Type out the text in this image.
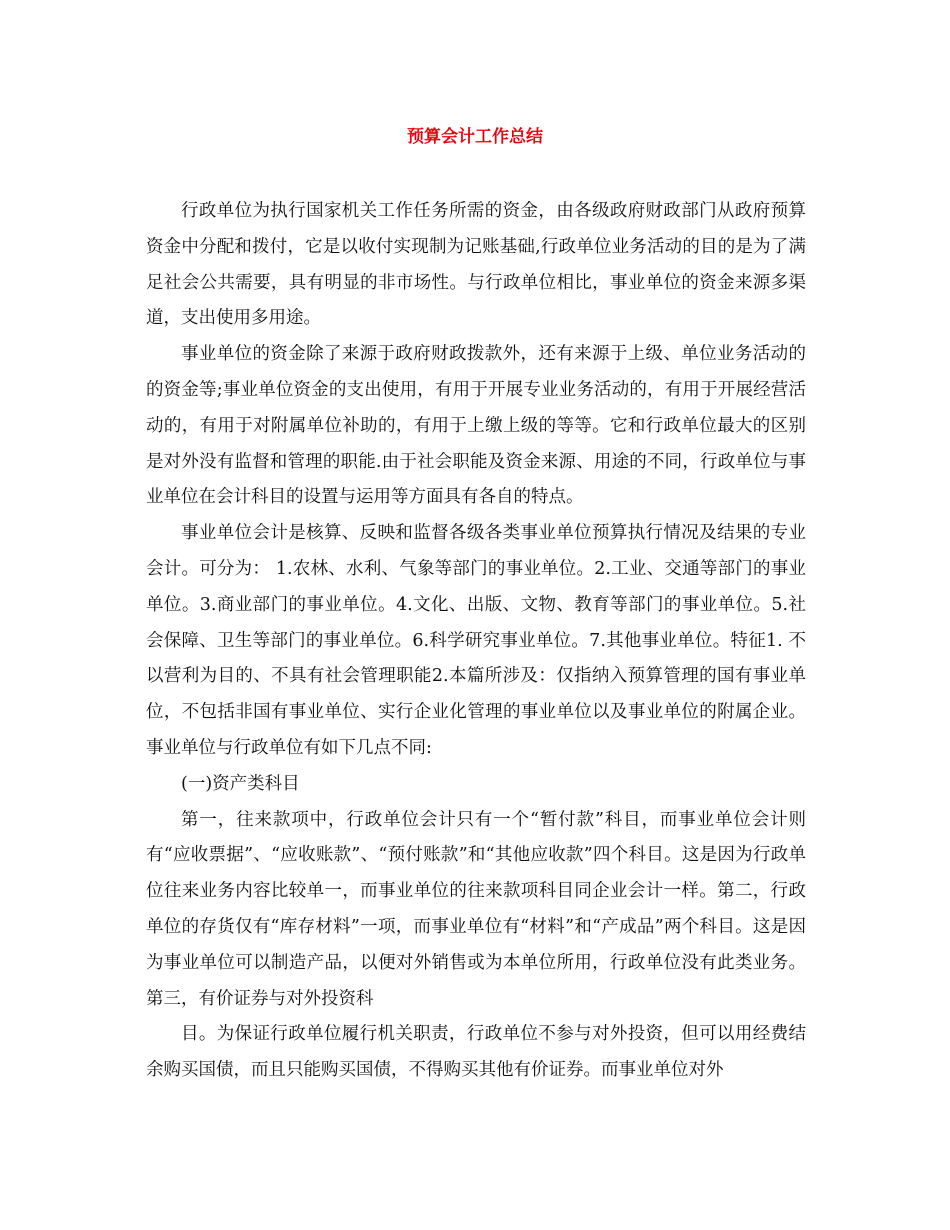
预算会计工作总结

行政单位为执行国家机关工作任务所需的资金，由各级政府财政部门从政府预算资金中分配和拨付，它是以收付实现制为记账基础,行政单位业务活动的目的是为了满足社会公共需要，具有明显的非市场性。与行政单位相比，事业单位的资金来源多渠道，支出使用多用途。

事业单位的资金除了来源于政府财政拨款外，还有来源于上级、单位业务活动的的资金等;事业单位资金的支出使用，有用于开展专业业务活动的，有用于开展经营活动的，有用于对附属单位补助的，有用于上缴上级的等等。它和行政单位最大的区别是对外没有监督和管理的职能.由于社会职能及资金来源、用途的不同，行政单位与事业单位在会计科目的设置与运用等方面具有各自的特点。

事业单位会计是核算、反映和监督各级各类事业单位预算执行情况及结果的专业会计。可分为： 1.农林、水利、气象等部门的事业单位。2.工业、交通等部门的事业单位。3.商业部门的事业单位。4.文化、出版、文物、教育等部门的事业单位。5.社会保障、卫生等部门的事业单位。6.科学研究事业单位。7.其他事业单位。特征1. 不以营利为目的、不具有社会管理职能2.本篇所涉及：仅指纳入预算管理的国有事业单位，不包括非国有事业单位、实行企业化管理的事业单位以及事业单位的附属企业。 事业单位与行政单位有如下几点不同:

(一)资产类科目

第一，往来款项中，行政单位会计只有一个“暂付款”科目，而事业单位会计则有“应收票据”、“应收账款”、“预付账款”和“其他应收款”四个科目。这是因为行政单位往来业务内容比较单一，而事业单位的往来款项科目同企业会计一样。第二，行政单位的存货仅有“库存材料”一项，而事业单位有“材料”和“产成品”两个科目。这是因为事业单位可以制造产品，以便对外销售或为本单位所用，行政单位没有此类业务。第三，有价证券与对外投资科

目。为保证行政单位履行机关职责，行政单位不参与对外投资，但可以用经费结余购买国债，而且只能购买国债，不得购买其他有价证券。而事业单位对外
